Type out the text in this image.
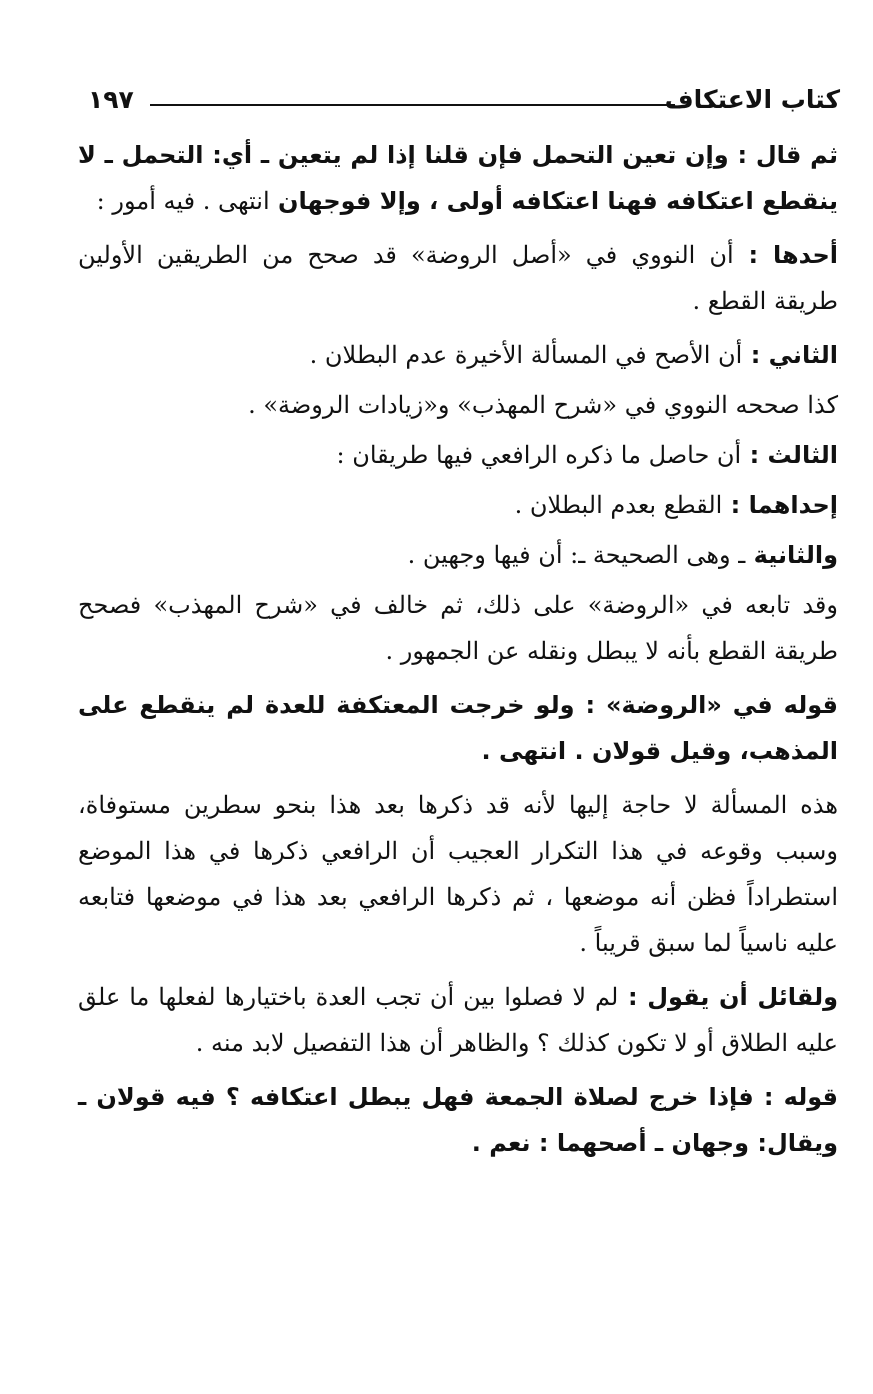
كتاب الاعتكاف
١٩٧

ثم قال : وإن تعين التحمل فإن قلنا إذا لم يتعين ـ أي: التحمل ـ لا ينقطع اعتكافه فهنا اعتكافه أولى ، وإلا فوجهان انتهى . فيه أمور :

أحدها : أن النووي في «أصل الروضة» قد صحح من الطريقين الأولين طريقة القطع .

الثاني : أن الأصح في المسألة الأخيرة عدم البطلان .

كذا صححه النووي في «شرح المهذب» و«زيادات الروضة» .

الثالث : أن حاصل ما ذكره الرافعي فيها طريقان :

إحداهما : القطع بعدم البطلان .

والثانية ـ وهى الصحيحة ـ: أن فيها وجهين .

وقد تابعه في «الروضة» على ذلك، ثم خالف في «شرح المهذب» فصحح طريقة القطع بأنه لا يبطل ونقله عن الجمهور .

قوله في «الروضة» : ولو خرجت المعتكفة للعدة لم ينقطع على المذهب، وقيل قولان . انتهى .

هذه المسألة لا حاجة إليها لأنه قد ذكرها بعد هذا بنحو سطرين مستوفاة، وسبب وقوعه في هذا التكرار العجيب أن الرافعي ذكرها في هذا الموضع استطراداً فظن أنه موضعها ، ثم ذكرها الرافعي بعد هذا في موضعها فتابعه عليه ناسياً لما سبق قريباً .

ولقائل أن يقول : لم لا فصلوا بين أن تجب العدة باختيارها لفعلها ما علق عليه الطلاق أو لا تكون كذلك ؟ والظاهر أن هذا التفصيل لابد منه .

قوله : فإذا خرج لصلاة الجمعة فهل يبطل اعتكافه ؟ فيه قولان ـ ويقال: وجهان ـ أصحهما : نعم .
